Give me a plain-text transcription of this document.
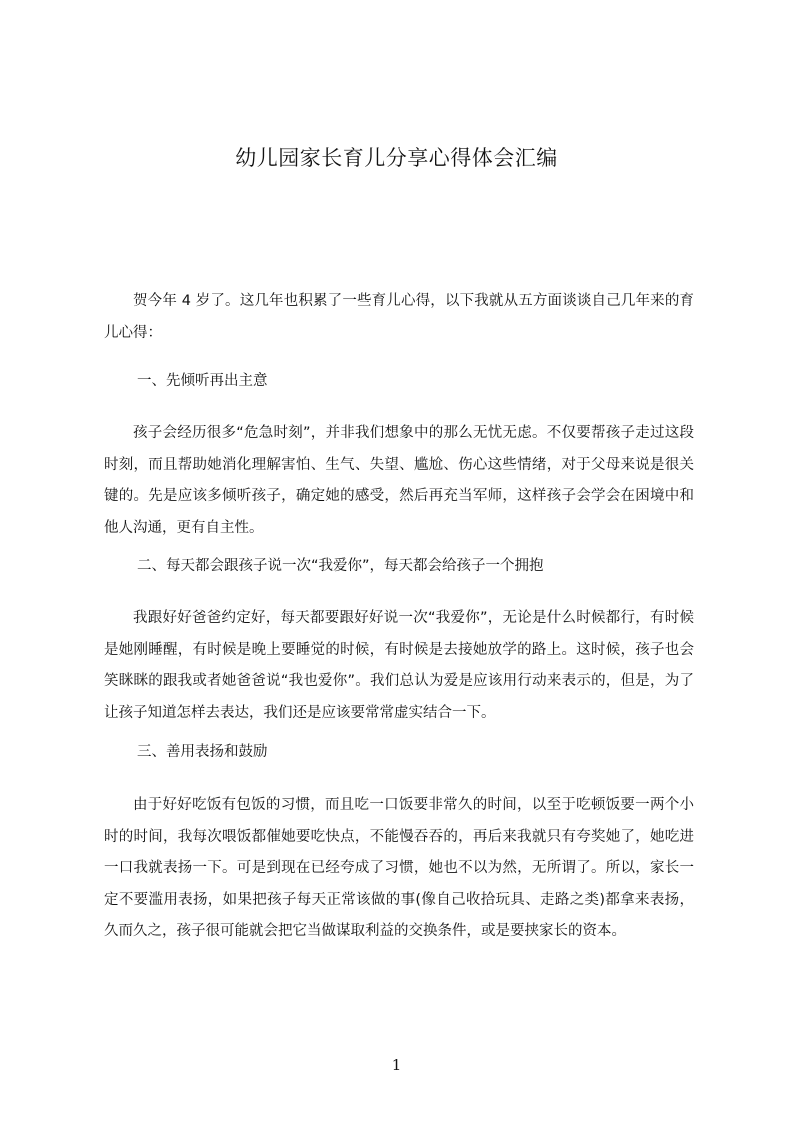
幼儿园家长育儿分享心得体会汇编

贺今年 4 岁了。这几年也积累了一些育儿心得，以下我就从五方面谈谈自己几年来的育儿心得：

一、先倾听再出主意

孩子会经历很多“危急时刻”，并非我们想象中的那么无忧无虑。不仅要帮孩子走过这段时刻，而且帮助她消化理解害怕、生气、失望、尴尬、伤心这些情绪，对于父母来说是很关键的。先是应该多倾听孩子，确定她的感受，然后再充当军师，这样孩子会学会在困境中和他人沟通，更有自主性。

二、每天都会跟孩子说一次“我爱你”，每天都会给孩子一个拥抱

我跟好好爸爸约定好，每天都要跟好好说一次“我爱你”，无论是什么时候都行，有时候是她刚睡醒，有时候是晚上要睡觉的时候，有时候是去接她放学的路上。这时候，孩子也会笑眯眯的跟我或者她爸爸说“我也爱你”。我们总认为爱是应该用行动来表示的，但是，为了让孩子知道怎样去表达，我们还是应该要常常虚实结合一下。

三、善用表扬和鼓励

由于好好吃饭有包饭的习惯，而且吃一口饭要非常久的时间，以至于吃顿饭要一两个小时的时间，我每次喂饭都催她要吃快点，不能慢吞吞的，再后来我就只有夸奖她了，她吃进一口我就表扬一下。可是到现在已经夸成了习惯，她也不以为然，无所谓了。所以，家长一定不要滥用表扬，如果把孩子每天正常该做的事(像自己收拾玩具、走路之类)都拿来表扬，久而久之，孩子很可能就会把它当做谋取利益的交换条件，或是要挟家长的资本。

1
